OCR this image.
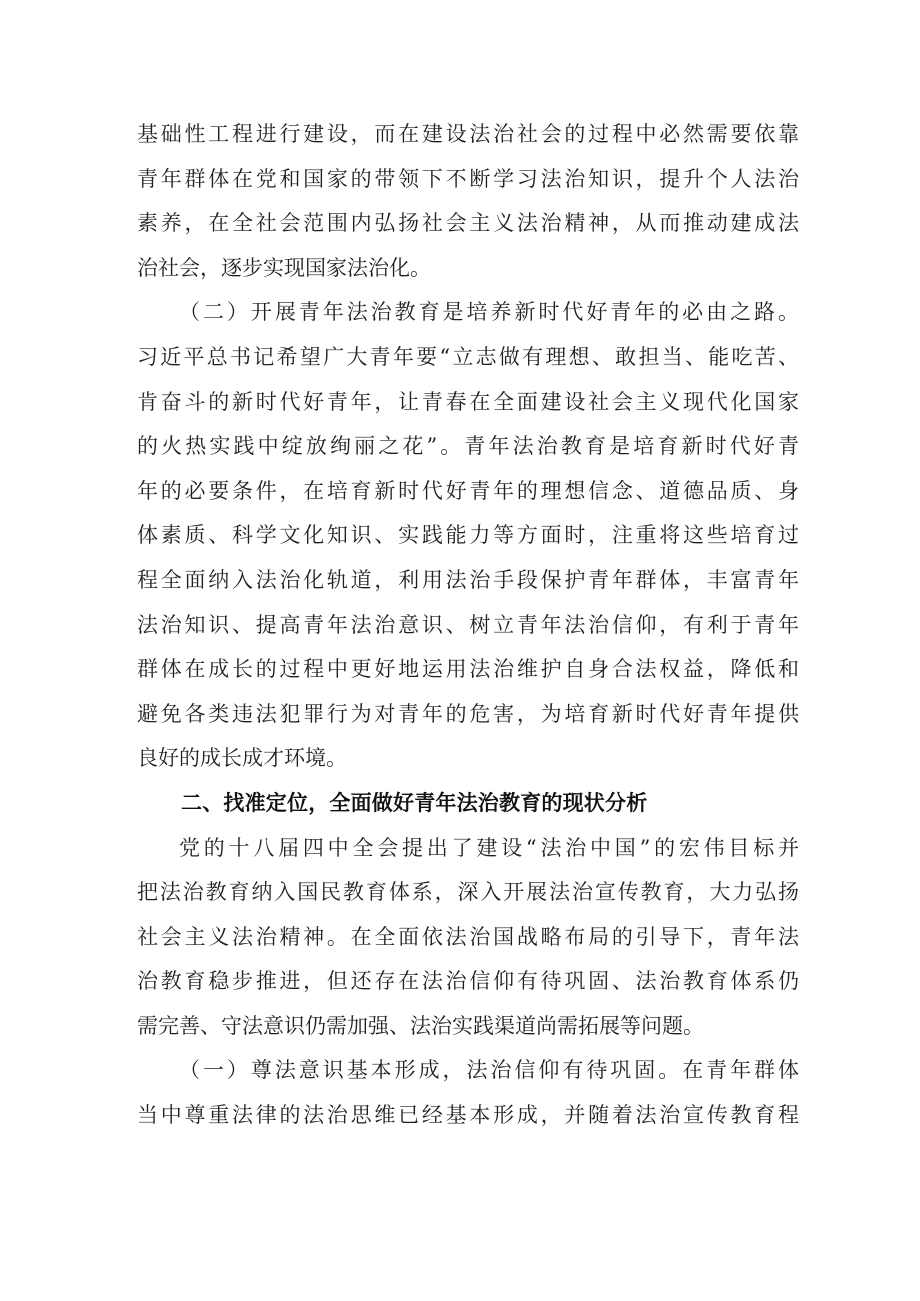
基础性工程进行建设，而在建设法治社会的过程中必然需要依靠
青年群体在党和国家的带领下不断学习法治知识，提升个人法治
素养，在全社会范围内弘扬社会主义法治精神，从而推动建成法
治社会，逐步实现国家法治化。
（二）开展青年法治教育是培养新时代好青年的必由之路。
习近平总书记希望广大青年要“立志做有理想、敢担当、能吃苦、
肯奋斗的新时代好青年，让青春在全面建设社会主义现代化国家
的火热实践中绽放绚丽之花”。青年法治教育是培育新时代好青
年的必要条件，在培育新时代好青年的理想信念、道德品质、身
体素质、科学文化知识、实践能力等方面时，注重将这些培育过
程全面纳入法治化轨道，利用法治手段保护青年群体，丰富青年
法治知识、提高青年法治意识、树立青年法治信仰，有利于青年
群体在成长的过程中更好地运用法治维护自身合法权益，降低和
避免各类违法犯罪行为对青年的危害，为培育新时代好青年提供
良好的成长成才环境。
二、找准定位，全面做好青年法治教育的现状分析
党的十八届四中全会提出了建设“法治中国”的宏伟目标并
把法治教育纳入国民教育体系，深入开展法治宣传教育，大力弘扬
社会主义法治精神。在全面依法治国战略布局的引导下，青年法
治教育稳步推进，但还存在法治信仰有待巩固、法治教育体系仍
需完善、守法意识仍需加强、法治实践渠道尚需拓展等问题。
（一）尊法意识基本形成，法治信仰有待巩固。在青年群体
当中尊重法律的法治思维已经基本形成，并随着法治宣传教育程
